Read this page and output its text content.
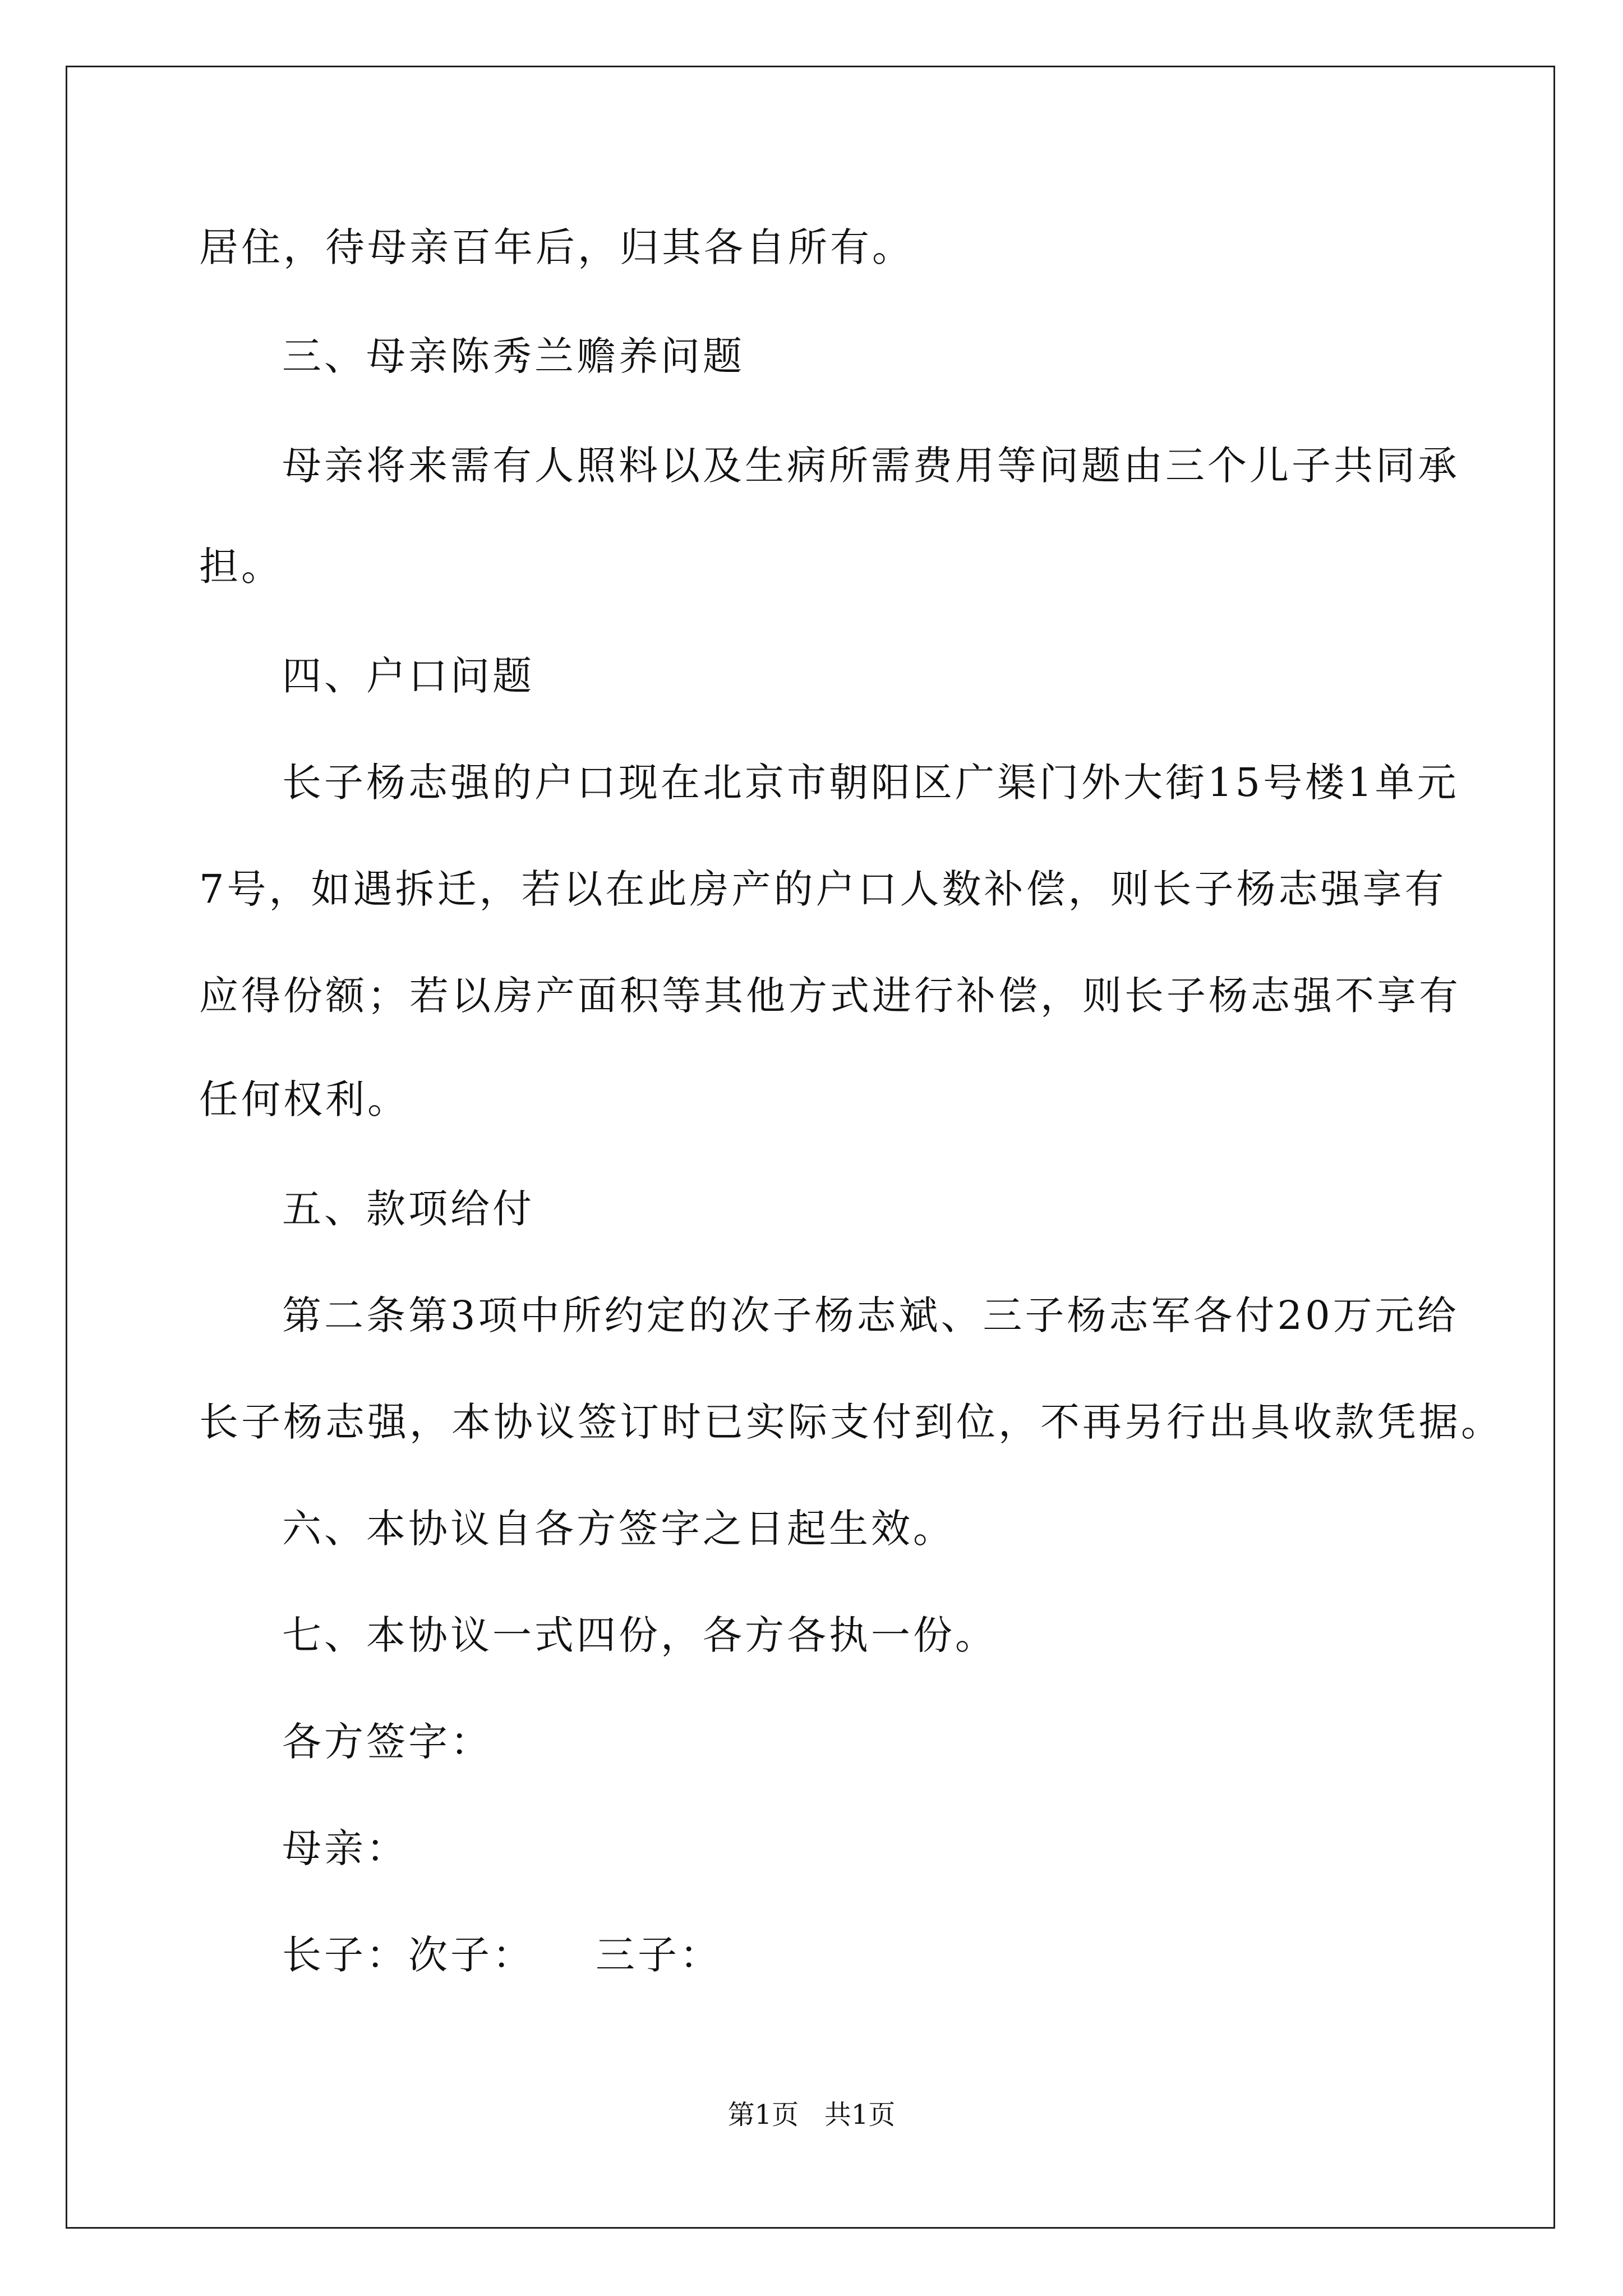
居住，待母亲百年后，归其各自所有。
三、母亲陈秀兰赡养问题
母亲将来需有人照料以及生病所需费用等问题由三个儿子共同承
担。
四、户口问题
长子杨志强的户口现在北京市朝阳区广渠门外大街15号楼1单元
7号，如遇拆迁，若以在此房产的户口人数补偿，则长子杨志强享有
应得份额；若以房产面积等其他方式进行补偿，则长子杨志强不享有
任何权利。
五、款项给付
第二条第3项中所约定的次子杨志斌、三子杨志军各付20万元给
长子杨志强，本协议签订时已实际支付到位，不再另行出具收款凭据。
六、本协议自各方签字之日起生效。
七、本协议一式四份，各方各执一份。
各方签字：
母亲：
长子：次子：    三子：
第1页   共1页
